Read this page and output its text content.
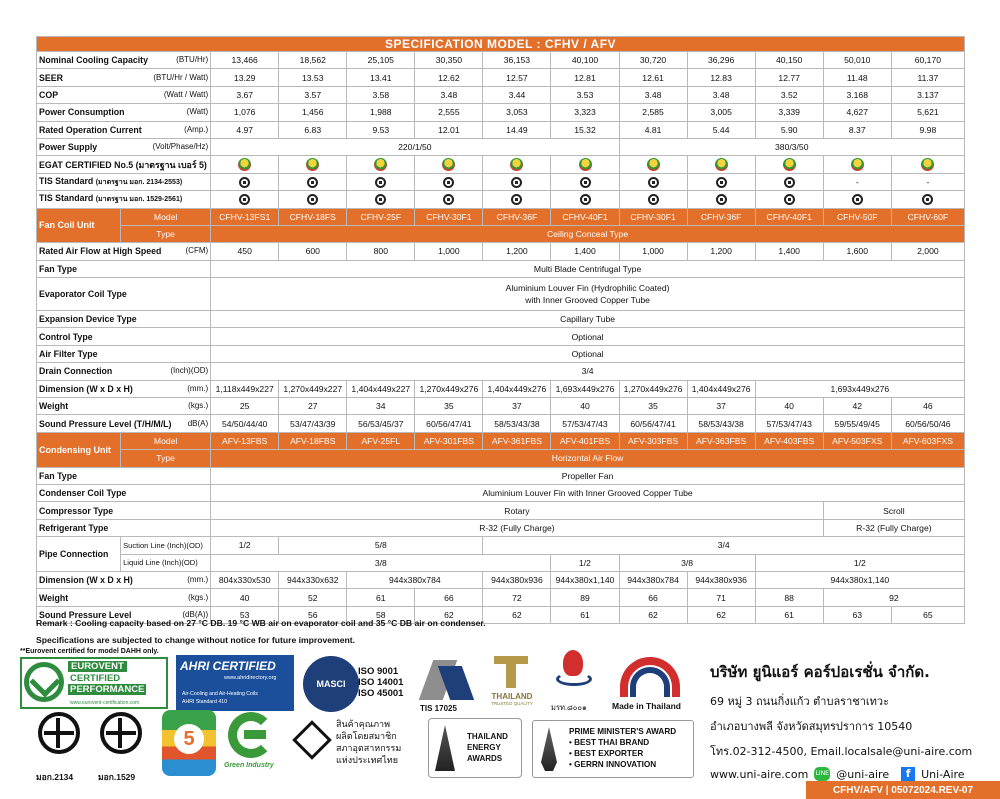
SPECIFICATION MODEL : CFHV / AFV												
Nominal Cooling Capacity (BTU/Hr)		13,466	18,562	25,105	30,350	36,153	40,100	30,720	36,296	40,150	50,010	60,170
SEER (BTU/Hr / Watt)		13.29	13.53	13.41	12.62	12.57	12.81	12.61	12.83	12.77	11.48	11.37
COP (Watt / Watt)		3.67	3.57	3.58	3.48	3.44	3.53	3.48	3.48	3.52	3.168	3.137
Power Consumption (Watt)		1,076	1,456	1,988	2,555	3,053	3,323	2,585	3,005	3,339	4,627	5,621
Rated Operation Current (Amp.)		4.97	6.83	9.53	12.01	14.49	15.32	4.81	5.44	5.90	8.37	9.98
Power Supply (Volt/Phase/Hz)		220/1/50						380/3/50				
EGAT CERTIFIED No.5 (มาตรฐาน เบอร์ 5)												
TIS Standard (มาตรฐาน มอก. 2134-2553)											-	-
TIS Standard (มาตรฐาน มอก. 1529-2561)												
Fan Coil Unit	Model	CFHV-13FS1	CFHV-18FS	CFHV-25F	CFHV-30F1	CFHV-36F	CFHV-40F1	CFHV-30F1	CFHV-36F	CFHV-40F1	CFHV-50F	CFHV-60F
	Type	Ceiling Conceal Type										
Rated Air Flow at High Speed (CFM)		450	600	800	1,000	1,200	1,400	1,000	1,200	1,400	1,600	2,000
Fan Type		Multi Blade Centrifugal Type										
Evaporator Coil Type		Aluminium Louver Fin (Hydrophilic Coated)
with Inner Grooved Copper Tube										

Expansion Device Type		Capillary Tube										
Control Type		Optional										
Air Filter Type		Optional										
Drain Connection (Inch)(OD)		3/4										
Dimension (W x D x H) (mm.)		1,118x449x227	1,270x449x227	1,404x449x227	1,270x449x276	1,404x449x276	1,693x449x276	1,270x449x276	1,404x449x276	1,693x449x276		
Weight (kgs.)		25	27	34	35	37	40	35	37	40	42	46
Sound Pressure Level (T/H/M/L) dB(A)		54/50/44/40	53/47/43/39	56/53/45/37	60/56/47/41	58/53/43/38	57/53/47/43	60/56/47/41	58/53/43/38	57/53/47/43	59/55/49/45	60/56/50/46
Condensing Unit	Model	AFV-13FBS	AFV-18FBS	AFV-25FL	AFV-301FBS	AFV-361FBS	AFV-401FBS	AFV-303FBS	AFV-363FBS	AFV-403FBS	AFV-503FXS	AFV-603FXS
	Type	Horizontal Air Flow										
Fan Type		Propeller Fan										
Condenser Coil Type		Aluminium Louver Fin with Inner Grooved Copper Tube										
Compressor Type		Rotary									Scroll	
Refrigerant Type		R-32 (Fully Charge)									R-32 (Fully Charge)	
Pipe Connection	Suction Line (Inch)(OD)	1/2	5/8			3/4						
	Liquid Line (Inch)(OD)	3/8					1/2	3/8		1/2		
Dimension (W x D x H) (mm.)		804x330x530	944x330x632	944x380x784		944x380x936	944x380x1,140	944x380x784	944x380x936	944x380x1,140		
Weight (kgs.)		40	52	61	66	72	89	66	71	88	92	
Sound Pressure Level (dB(A))		53	56	58	62	62	61	62	62	61	63	65
Remark : Cooling capacity based on 27 °C DB. 19 °C WB air on evaporator coil and 35 °C DB air on condenser.
Specifications are subjected to change without notice for future improvement.
**Eurovent certified for model DAHH only.
EUROVENT
CERTIFIED
PERFORMANCE
www.eurovent-certification.com
AHRI CERTIFIED
www.ahridirectory.org
Air-Cooling and Air-Heating Coils
AHRI Standard 410
MASCI
ISO 9001
ISO 14001
ISO 45001
TIS 17025
THAILAND
TRUSTED QUALITY	มรท.๘๐๐๑	Made in Thailand
มอก.2134	มอก.1529
5
Green Industry
สินค้าคุณภาพ
ผลิตโดยสมาชิก
สภาอุตสาหกรรม
แห่งประเทศไทย
THAILAND
ENERGY
AWARDS
PRIME MINISTER'S AWARD
• BEST THAI BRAND
• BEST EXPORTER
• GERRN INNOVATION
บริษัท ยูนิแอร์ คอร์ปอเรชั่น จำกัด.
69 หมู่ 3 ถนนกิ่งแก้ว ตำบลราชาเทวะ
อำเภอบางพลี จังหวัดสมุทรปราการ 10540
โทร.02-312-4500, Email.localsale@uni-aire.com
www.uni-aire.com LINE @uni-aire	f Uni-Aire
CFHV/AFV | 05072024.REV-07
